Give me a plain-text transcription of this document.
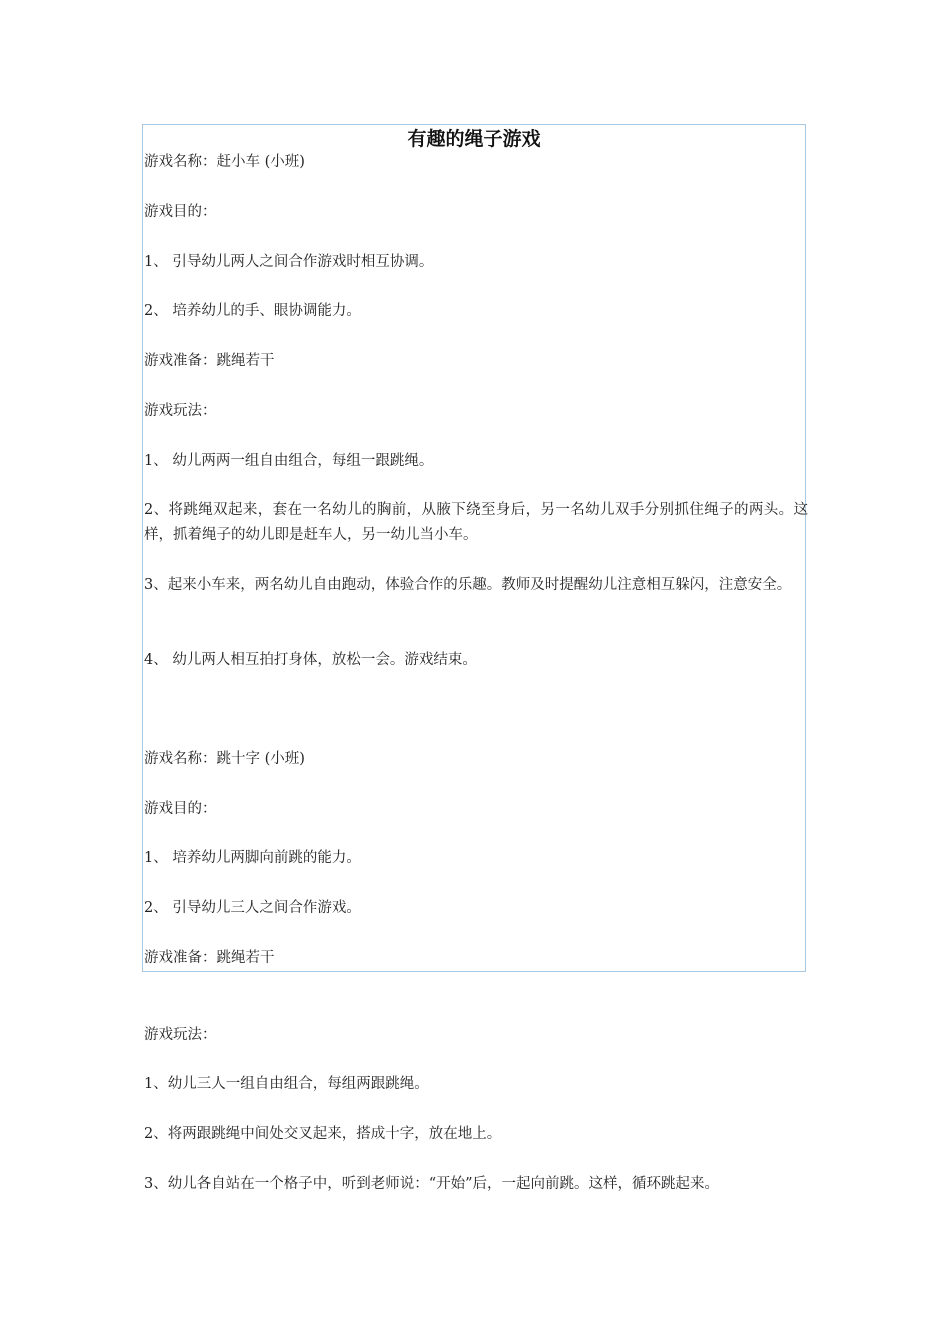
有趣的绳子游戏
游戏名称：赶小车 (小班)
游戏目的：
1、 引导幼儿两人之间合作游戏时相互协调。
2、 培养幼儿的手、眼协调能力。
游戏准备：跳绳若干
游戏玩法：
1、 幼儿两两一组自由组合，每组一跟跳绳。
2、将跳绳双起来，套在一名幼儿的胸前，从腋下绕至身后，另一名幼儿双手分别抓住绳子的两头。这样，抓着绳子的幼儿即是赶车人，另一幼儿当小车。
3、起来小车来，两名幼儿自由跑动，体验合作的乐趣。教师及时提醒幼儿注意相互躲闪，注意安全。
4、 幼儿两人相互拍打身体，放松一会。游戏结束。
游戏名称：跳十字 (小班)
游戏目的：
1、 培养幼儿两脚向前跳的能力。
2、 引导幼儿三人之间合作游戏。
游戏准备：跳绳若干
游戏玩法：
1、幼儿三人一组自由组合，每组两跟跳绳。
2、将两跟跳绳中间处交叉起来，搭成十字，放在地上。
3、幼儿各自站在一个格子中，听到老师说：“开始”后，一起向前跳。这样，循环跳起来。
